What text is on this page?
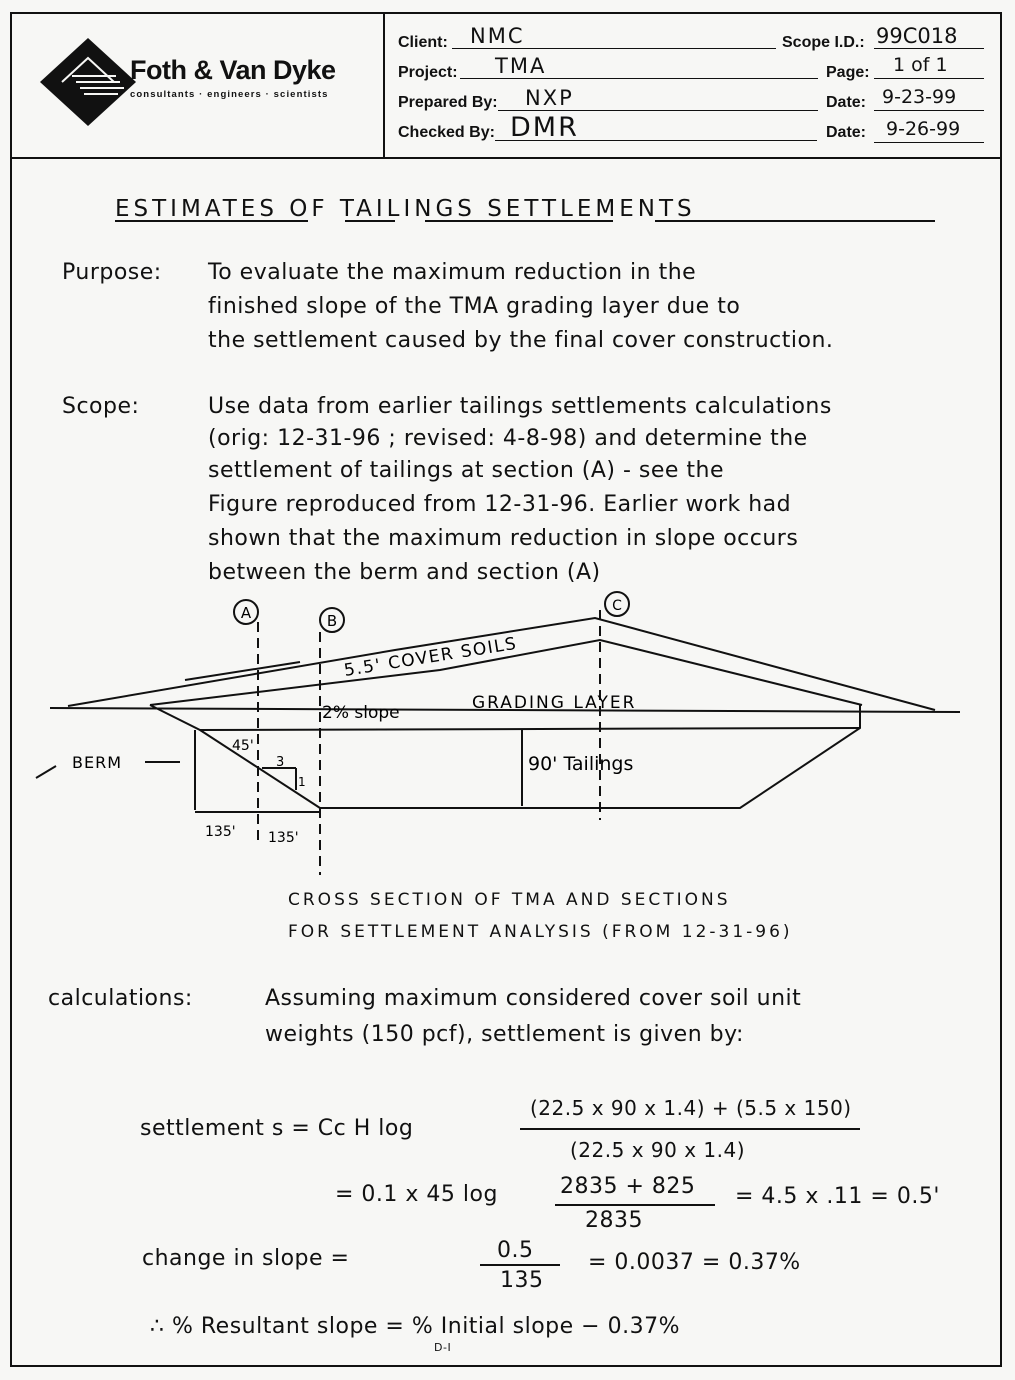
Foth & Van Dyke
consultants · engineers · scientists
Client: NMC
Project: TMA
Prepared By: NXP
Checked By: DMR
Scope I.D.: 99C018
Page: 1 of 1
Date: 9-23-99
Date: 9-26-99
ESTIMATES OF TAILINGS SETTLEMENTS
Purpose: To evaluate the maximum reduction in the
finished slope of the TMA grading layer due to
the settlement caused by the final cover construction.
Scope:	Use data from earlier tailings settlements calculations
(orig: 12-31-96 ; revised: 4-8-98) and determine the
settlement of tailings at section (A) - see the
Figure reproduced from 12-31-96. Earlier work had
shown that the maximum reduction in slope occurs
between the berm and section (A)
A	B
C
5.5' COVER SOILS
2% slope	GRADING LAYER
90' Tailings
BERM
45'
3
1
135' 135'
CROSS SECTION OF TMA AND SECTIONS
FOR SETTLEMENT ANALYSIS (FROM 12-31-96)
calculations:	Assuming maximum considered cover soil unit
weights (150 pcf), settlement is given by:
settlement s = Cc H log
(22.5 x 90 x 1.4) + (5.5 x 150)
(22.5 x 90 x 1.4)
= 0.1 x 45 log	2835 + 825
2835
= 4.5 x .11 = 0.5'
change in slope =	0.5
135
= 0.0037 = 0.37%
∴ % Resultant slope = % Initial slope − 0.37%
D-I
